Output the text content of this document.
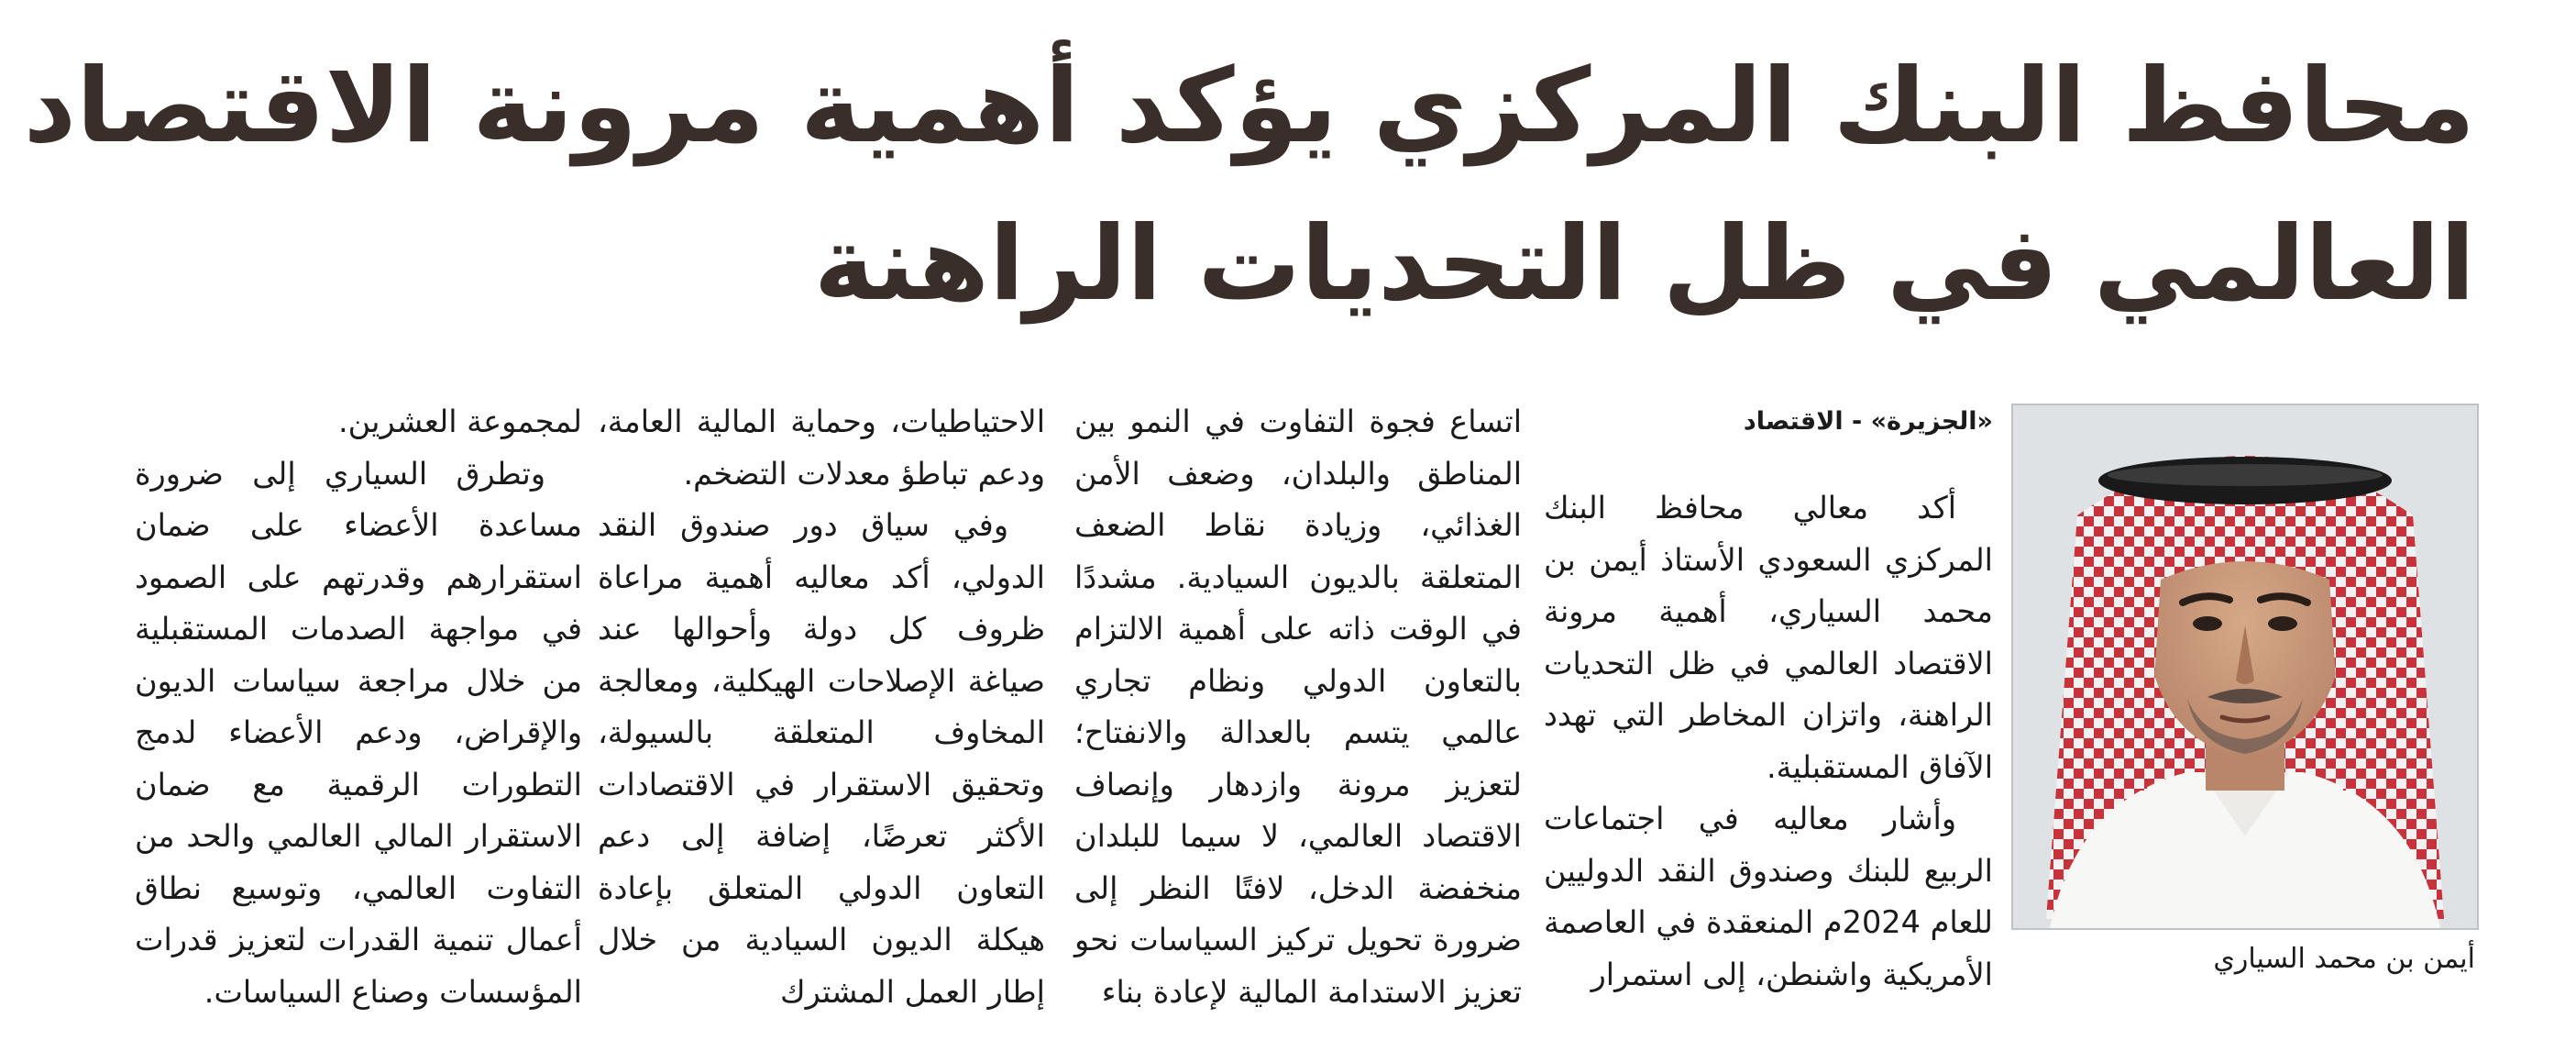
محافظ البنك المركزي يؤكد أهمية مرونة الاقتصاد
العالمي في ظل التحديات الراهنة
أيمن بن محمد السياري
«الجزيرة» - الاقتصاد

أكد معالي محافظ البنك المركزي السعودي الأستاذ أيمن بن محمد السياري، أهمية مرونة الاقتصاد العالمي في ظل التحديات الراهنة، واتزان المخاطر التي تهدد الآفاق المستقبلية.

وأشار معاليه في اجتماعات الربيع للبنك وصندوق النقد الدوليين للعام 2024م المنعقدة في العاصمة الأمريكية واشنطن، إلى استمرار

اتساع فجوة التفاوت في النمو بين المناطق والبلدان، وضعف الأمن الغذائي، وزيادة نقاط الضعف المتعلقة بالديون السيادية. مشددًا في الوقت ذاته على أهمية الالتزام بالتعاون الدولي ونظام تجاري عالمي يتسم بالعدالة والانفتاح؛ لتعزيز مرونة وازدهار وإنصاف الاقتصاد العالمي، لا سيما للبلدان منخفضة الدخل، لافتًا النظر إلى ضرورة تحويل تركيز السياسات نحو تعزيز الاستدامة المالية لإعادة بناء

الاحتياطيات، وحماية المالية العامة، ودعم تباطؤ معدلات التضخم.

وفي سياق دور صندوق النقد الدولي، أكد معاليه أهمية مراعاة ظروف كل دولة وأحوالها عند صياغة الإصلاحات الهيكلية، ومعالجة المخاوف المتعلقة بالسيولة، وتحقيق الاستقرار في الاقتصادات الأكثر تعرضًا، إضافة إلى دعم التعاون الدولي المتعلق بإعادة هيكلة الديون السيادية من خلال إطار العمل المشترك

لمجموعة العشرين.

وتطرق السياري إلى ضرورة مساعدة الأعضاء على ضمان استقرارهم وقدرتهم على الصمود في مواجهة الصدمات المستقبلية من خلال مراجعة سياسات الديون والإقراض، ودعم الأعضاء لدمج التطورات الرقمية مع ضمان الاستقرار المالي العالمي والحد من التفاوت العالمي، وتوسيع نطاق أعمال تنمية القدرات لتعزيز قدرات المؤسسات وصناع السياسات.
